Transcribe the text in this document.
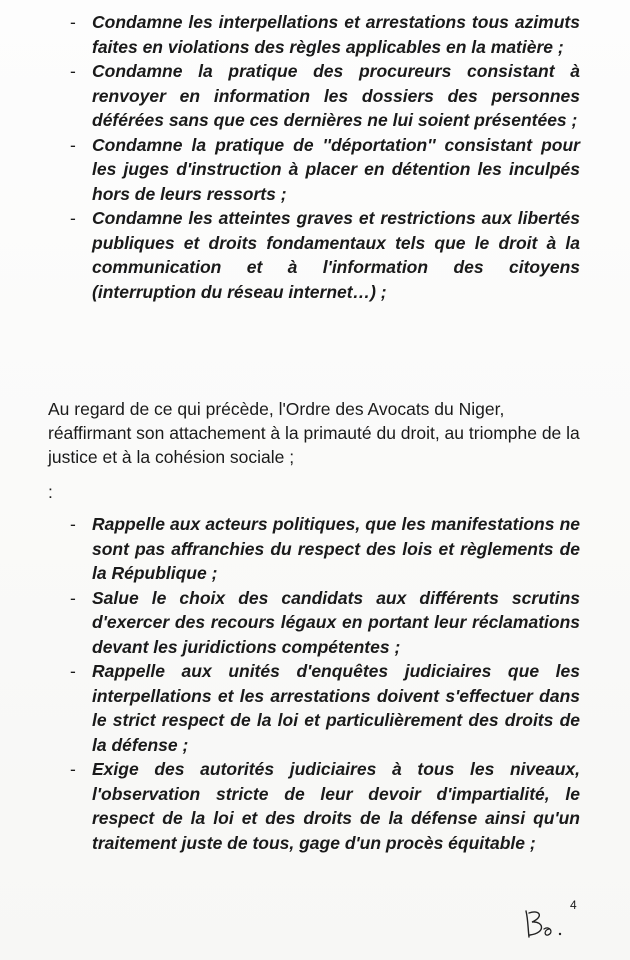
- Condamne les interpellations et arrestations tous azimuts faites en violations des règles applicables en la matière ;
- Condamne la pratique des procureurs consistant à renvoyer en information les dossiers des personnes déférées sans que ces dernières ne lui soient présentées ;
- Condamne la pratique de ''déportation'' consistant pour les juges d'instruction à placer en détention les inculpés hors de leurs ressorts ;
- Condamne les atteintes graves et restrictions aux libertés publiques et droits fondamentaux tels que le droit à la communication et à l'information des citoyens (interruption du réseau internet…) ;

Au regard de ce qui précède, l'Ordre des Avocats du Niger, réaffirmant son attachement à la primauté du droit, au triomphe de la justice et à la cohésion sociale ;

:
- Rappelle aux acteurs politiques, que les manifestations ne sont pas affranchies du respect des lois et règlements de la République ;
- Salue le choix des candidats aux différents scrutins d'exercer des recours légaux en portant leur réclamations devant les juridictions compétentes ;
- Rappelle aux unités d'enquêtes judiciaires que les interpellations et les arrestations doivent s'effectuer dans le strict respect de la loi et particulièrement des droits de la défense ;
- Exige des autorités judiciaires à tous les niveaux, l'observation stricte de leur devoir d'impartialité, le respect de la loi et des droits de la défense ainsi qu'un traitement juste de tous, gage d'un procès équitable ;
4
